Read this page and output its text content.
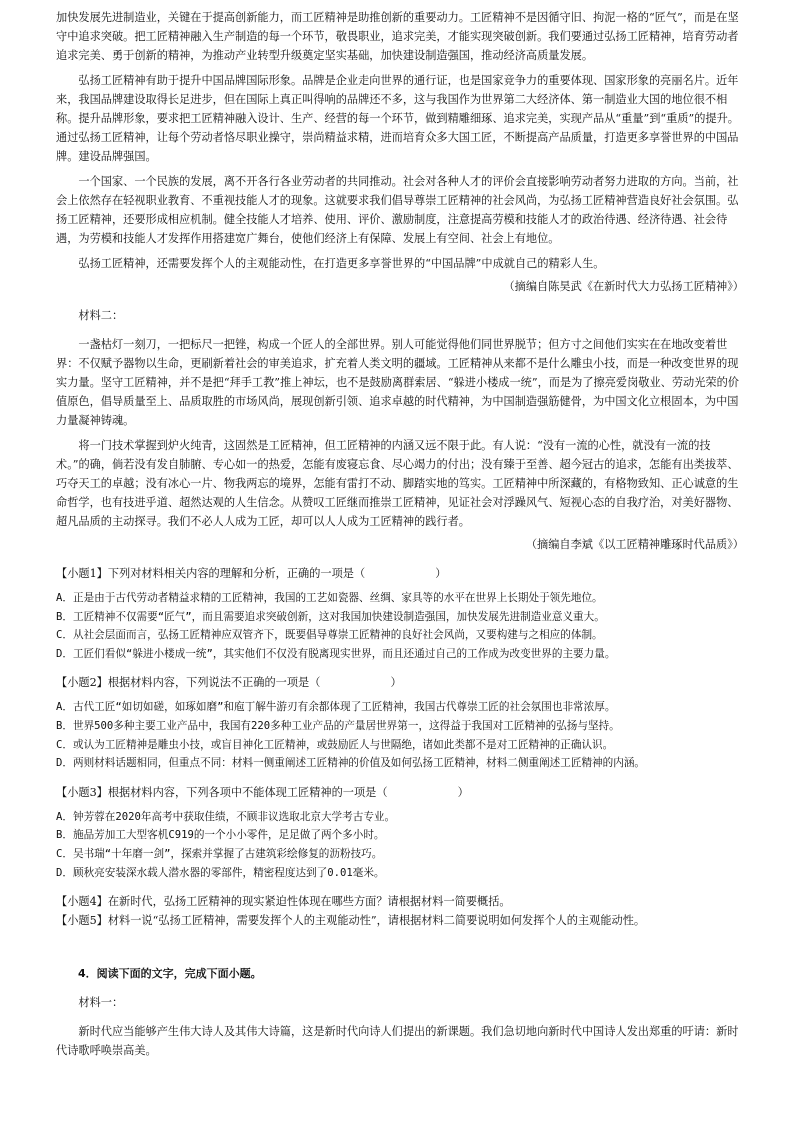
加快发展先进制造业，关键在于提高创新能力，而工匠精神是助推创新的重要动力。工匠精神不是因循守旧、拘泥一格的“匠气”，而是在坚守中追求突破。把工匠精神融入生产制造的每一个环节，敬畏职业，追求完美，才能实现突破创新。我们要通过弘扬工匠精神，培育劳动者追求完美、勇于创新的精神，为推动产业转型升级奠定坚实基础，加快建设制造强国，推动经济高质量发展。

弘扬工匠精神有助于提升中国品牌国际形象。品牌是企业走向世界的通行证，也是国家竞争力的重要体现、国家形象的亮丽名片。近年来，我国品牌建设取得长足进步，但在国际上真正叫得响的品牌还不多，这与我国作为世界第二大经济体、第一制造业大国的地位很不相称。提升品牌形象，要求把工匠精神融入设计、生产、经营的每一个环节，做到精雕细琢、追求完美，实现产品从“重量”到“重质”的提升。通过弘扬工匠精神，让每个劳动者恪尽职业操守，崇尚精益求精，进而培育众多大国工匠，不断提高产品质量，打造更多享誉世界的中国品牌。建设品牌强国。

一个国家、一个民族的发展，离不开各行各业劳动者的共同推动。社会对各种人才的评价会直接影响劳动者努力进取的方向。当前，社会上依然存在轻视职业教育、不重视技能人才的现象。这就要求我们倡导尊崇工匠精神的社会风尚，为弘扬工匠精神营造良好社会氛围。弘扬工匠精神，还要形成相应机制。健全技能人才培养、使用、评价、激励制度，注意提高劳模和技能人才的政治待遇、经济待遇、社会待遇，为劳模和技能人才发挥作用搭建宽广舞台，使他们经济上有保障、发展上有空间、社会上有地位。

弘扬工匠精神，还需要发挥个人的主观能动性，在打造更多享誉世界的“中国品牌”中成就自己的精彩人生。

（摘编自陈昊武《在新时代大力弘扬工匠精神》）

材料二：

一盏枯灯一刻刀，一把标尺一把锉，构成一个匠人的全部世界。别人可能觉得他们同世界脱节；但方寸之间他们实实在在地改变着世界：不仅赋予器物以生命，更刷新着社会的审美追求，扩充着人类文明的疆域。工匠精神从来都不是什么雕虫小技，而是一种改变世界的现实力量。坚守工匠精神，并不是把“拜手工教”推上神坛，也不是鼓励离群索居、“躲进小楼成一统”，而是为了擦亮爱岗敬业、劳动光荣的价值原色，倡导质量至上、品质取胜的市场风尚，展现创新引领、追求卓越的时代精神，为中国制造强筋健骨，为中国文化立根固本，为中国力量凝神铸魂。

将一门技术掌握到炉火纯青，这固然是工匠精神，但工匠精神的内涵又远不限于此。有人说：“没有一流的心性，就没有一流的技术。”的确，倘若没有发自肺腑、专心如一的热爱，怎能有废寝忘食、尽心竭力的付出；没有臻于至善、超今冠古的追求，怎能有出类拔萃、巧夺天工的卓越；没有冰心一片、物我两忘的境界，怎能有雷打不动、脚踏实地的笃实。工匠精神中所深藏的，有格物致知、正心诚意的生命哲学，也有技进乎道、超然达观的人生信念。从赞叹工匠继而推崇工匠精神，见证社会对浮躁风气、短视心态的自我疗治，对美好器物、超凡品质的主动探寻。我们不必人人成为工匠，却可以人人成为工匠精神的践行者。

（摘编自李斌《以工匠精神雕琢时代品质》）

【小题1】下列对材料相关内容的理解和分析，正确的一项是（	）

A．正是由于古代劳动者精益求精的工匠精神，我国的工艺如瓷器、丝绸、家具等的水平在世界上长期处于领先地位。

B．工匠精神不仅需要“匠气”，而且需要追求突破创新，这对我国加快建设制造强国，加快发展先进制造业意义重大。

C．从社会层面而言，弘扬工匠精神应双管齐下，既要倡导尊崇工匠精神的良好社会风尚，又要构建与之相应的体制。

D．工匠们看似“躲进小楼成一统”，其实他们不仅没有脱离现实世界，而且还通过自己的工作成为改变世界的主要力量。

【小题2】根据材料内容，下列说法不正确的一项是（	）

A．古代工匠“如切如磋，如琢如磨”和庖丁解牛游刃有余都体现了工匠精神，我国古代尊崇工匠的社会氛围也非常浓厚。

B．世界500多种主要工业产品中，我国有220多种工业产品的产量居世界第一，这得益于我国对工匠精神的弘扬与坚持。

C．或认为工匠精神是雕虫小技，或盲目神化工匠精神，或鼓励匠人与世隔绝，诸如此类都不是对工匠精神的正确认识。

D．两则材料话题相同，但重点不同：材料一侧重阐述工匠精神的价值及如何弘扬工匠精神，材料二侧重阐述工匠精神的内涵。

【小题3】根据材料内容，下列各项中不能体现工匠精神的一项是（	）

A．钟芳蓉在2020年高考中获取佳绩，不顾非议选取北京大学考古专业。

B．施品芳加工大型客机C919的一个小小零件，足足做了两个多小时。

C．吴书瑞“十年磨一剑”，探索并掌握了古建筑彩绘修复的沥粉技巧。

D．顾秋亮安装深水载人潜水器的零部件，精密程度达到了0.01毫米。

【小题4】在新时代，弘扬工匠精神的现实紧迫性体现在哪些方面？请根据材料一简要概括。

【小题5】材料一说“弘扬工匠精神，需要发挥个人的主观能动性”，请根据材料二简要说明如何发挥个人的主观能动性。

4．阅读下面的文字，完成下面小题。

材料一：

新时代应当能够产生伟大诗人及其伟大诗篇，这是新时代向诗人们提出的新课题。我们急切地向新时代中国诗人发出郑重的吁请：新时代诗歌呼唤崇高美。
